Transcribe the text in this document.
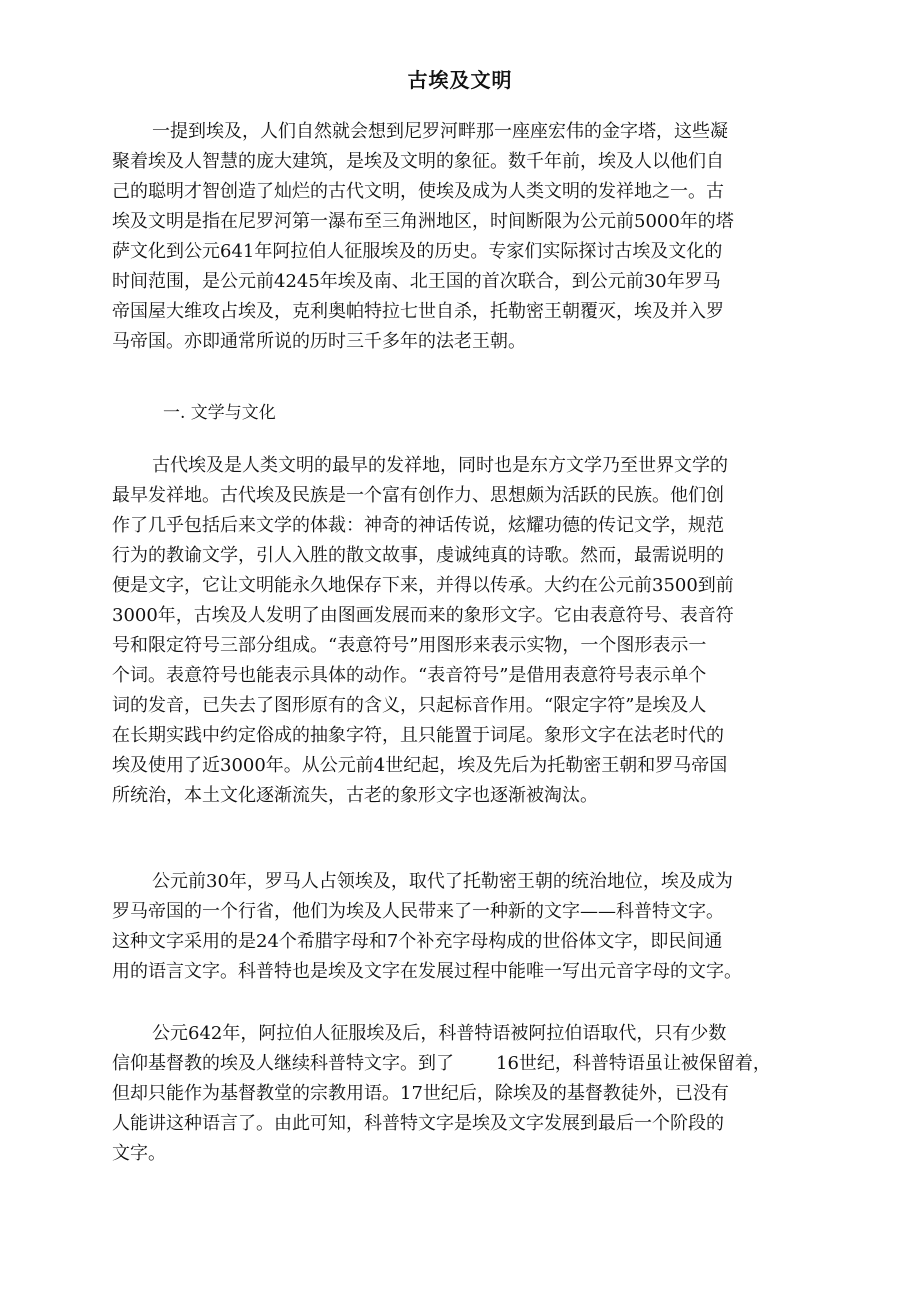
古埃及文明
一提到埃及，人们自然就会想到尼罗河畔那一座座宏伟的金字塔，这些凝
聚着埃及人智慧的庞大建筑，是埃及文明的象征。数千年前，埃及人以他们自
己的聪明才智创造了灿烂的古代文明，使埃及成为人类文明的发祥地之一。古
埃及文明是指在尼罗河第一瀑布至三角洲地区，时间断限为公元前5000年的塔
萨文化到公元641年阿拉伯人征服埃及的历史。专家们实际探讨古埃及文化的
时间范围，是公元前4245年埃及南、北王国的首次联合，到公元前30年罗马
帝国屋大维攻占埃及，克利奥帕特拉七世自杀，托勒密王朝覆灭，埃及并入罗
马帝国。亦即通常所说的历时三千多年的法老王朝。
一. 文学与文化
古代埃及是人类文明的最早的发祥地，同时也是东方文学乃至世界文学的
最早发祥地。古代埃及民族是一个富有创作力、思想颇为活跃的民族。他们创
作了几乎包括后来文学的体裁：神奇的神话传说，炫耀功德的传记文学，规范
行为的教谕文学，引人入胜的散文故事，虔诚纯真的诗歌。然而，最需说明的
便是文字，它让文明能永久地保存下来，并得以传承。大约在公元前3500到前
3000年，古埃及人发明了由图画发展而来的象形文字。它由表意符号、表音符
号和限定符号三部分组成。“表意符号”用图形来表示实物，一个图形表示一
个词。表意符号也能表示具体的动作。“表音符号”是借用表意符号表示单个
词的发音，已失去了图形原有的含义，只起标音作用。“限定字符”是埃及人
在长期实践中约定俗成的抽象字符，且只能置于词尾。象形文字在法老时代的
埃及使用了近3000年。从公元前4世纪起，埃及先后为托勒密王朝和罗马帝国
所统治，本土文化逐渐流失，古老的象形文字也逐渐被淘汰。
公元前30年，罗马人占领埃及，取代了托勒密王朝的统治地位，埃及成为
罗马帝国的一个行省，他们为埃及人民带来了一种新的文字——科普特文字。
这种文字采用的是24个希腊字母和7个补充字母构成的世俗体文字，即民间通
用的语言文字。科普特也是埃及文字在发展过程中能唯一写出元音字母的文字。
公元642年，阿拉伯人征服埃及后，科普特语被阿拉伯语取代，只有少数
信仰基督教的埃及人继续科普特文字。到了 16世纪，科普特语虽让被保留着，
但却只能作为基督教堂的宗教用语。17世纪后，除埃及的基督教徒外，已没有
人能讲这种语言了。由此可知，科普特文字是埃及文字发展到最后一个阶段的
文字。
